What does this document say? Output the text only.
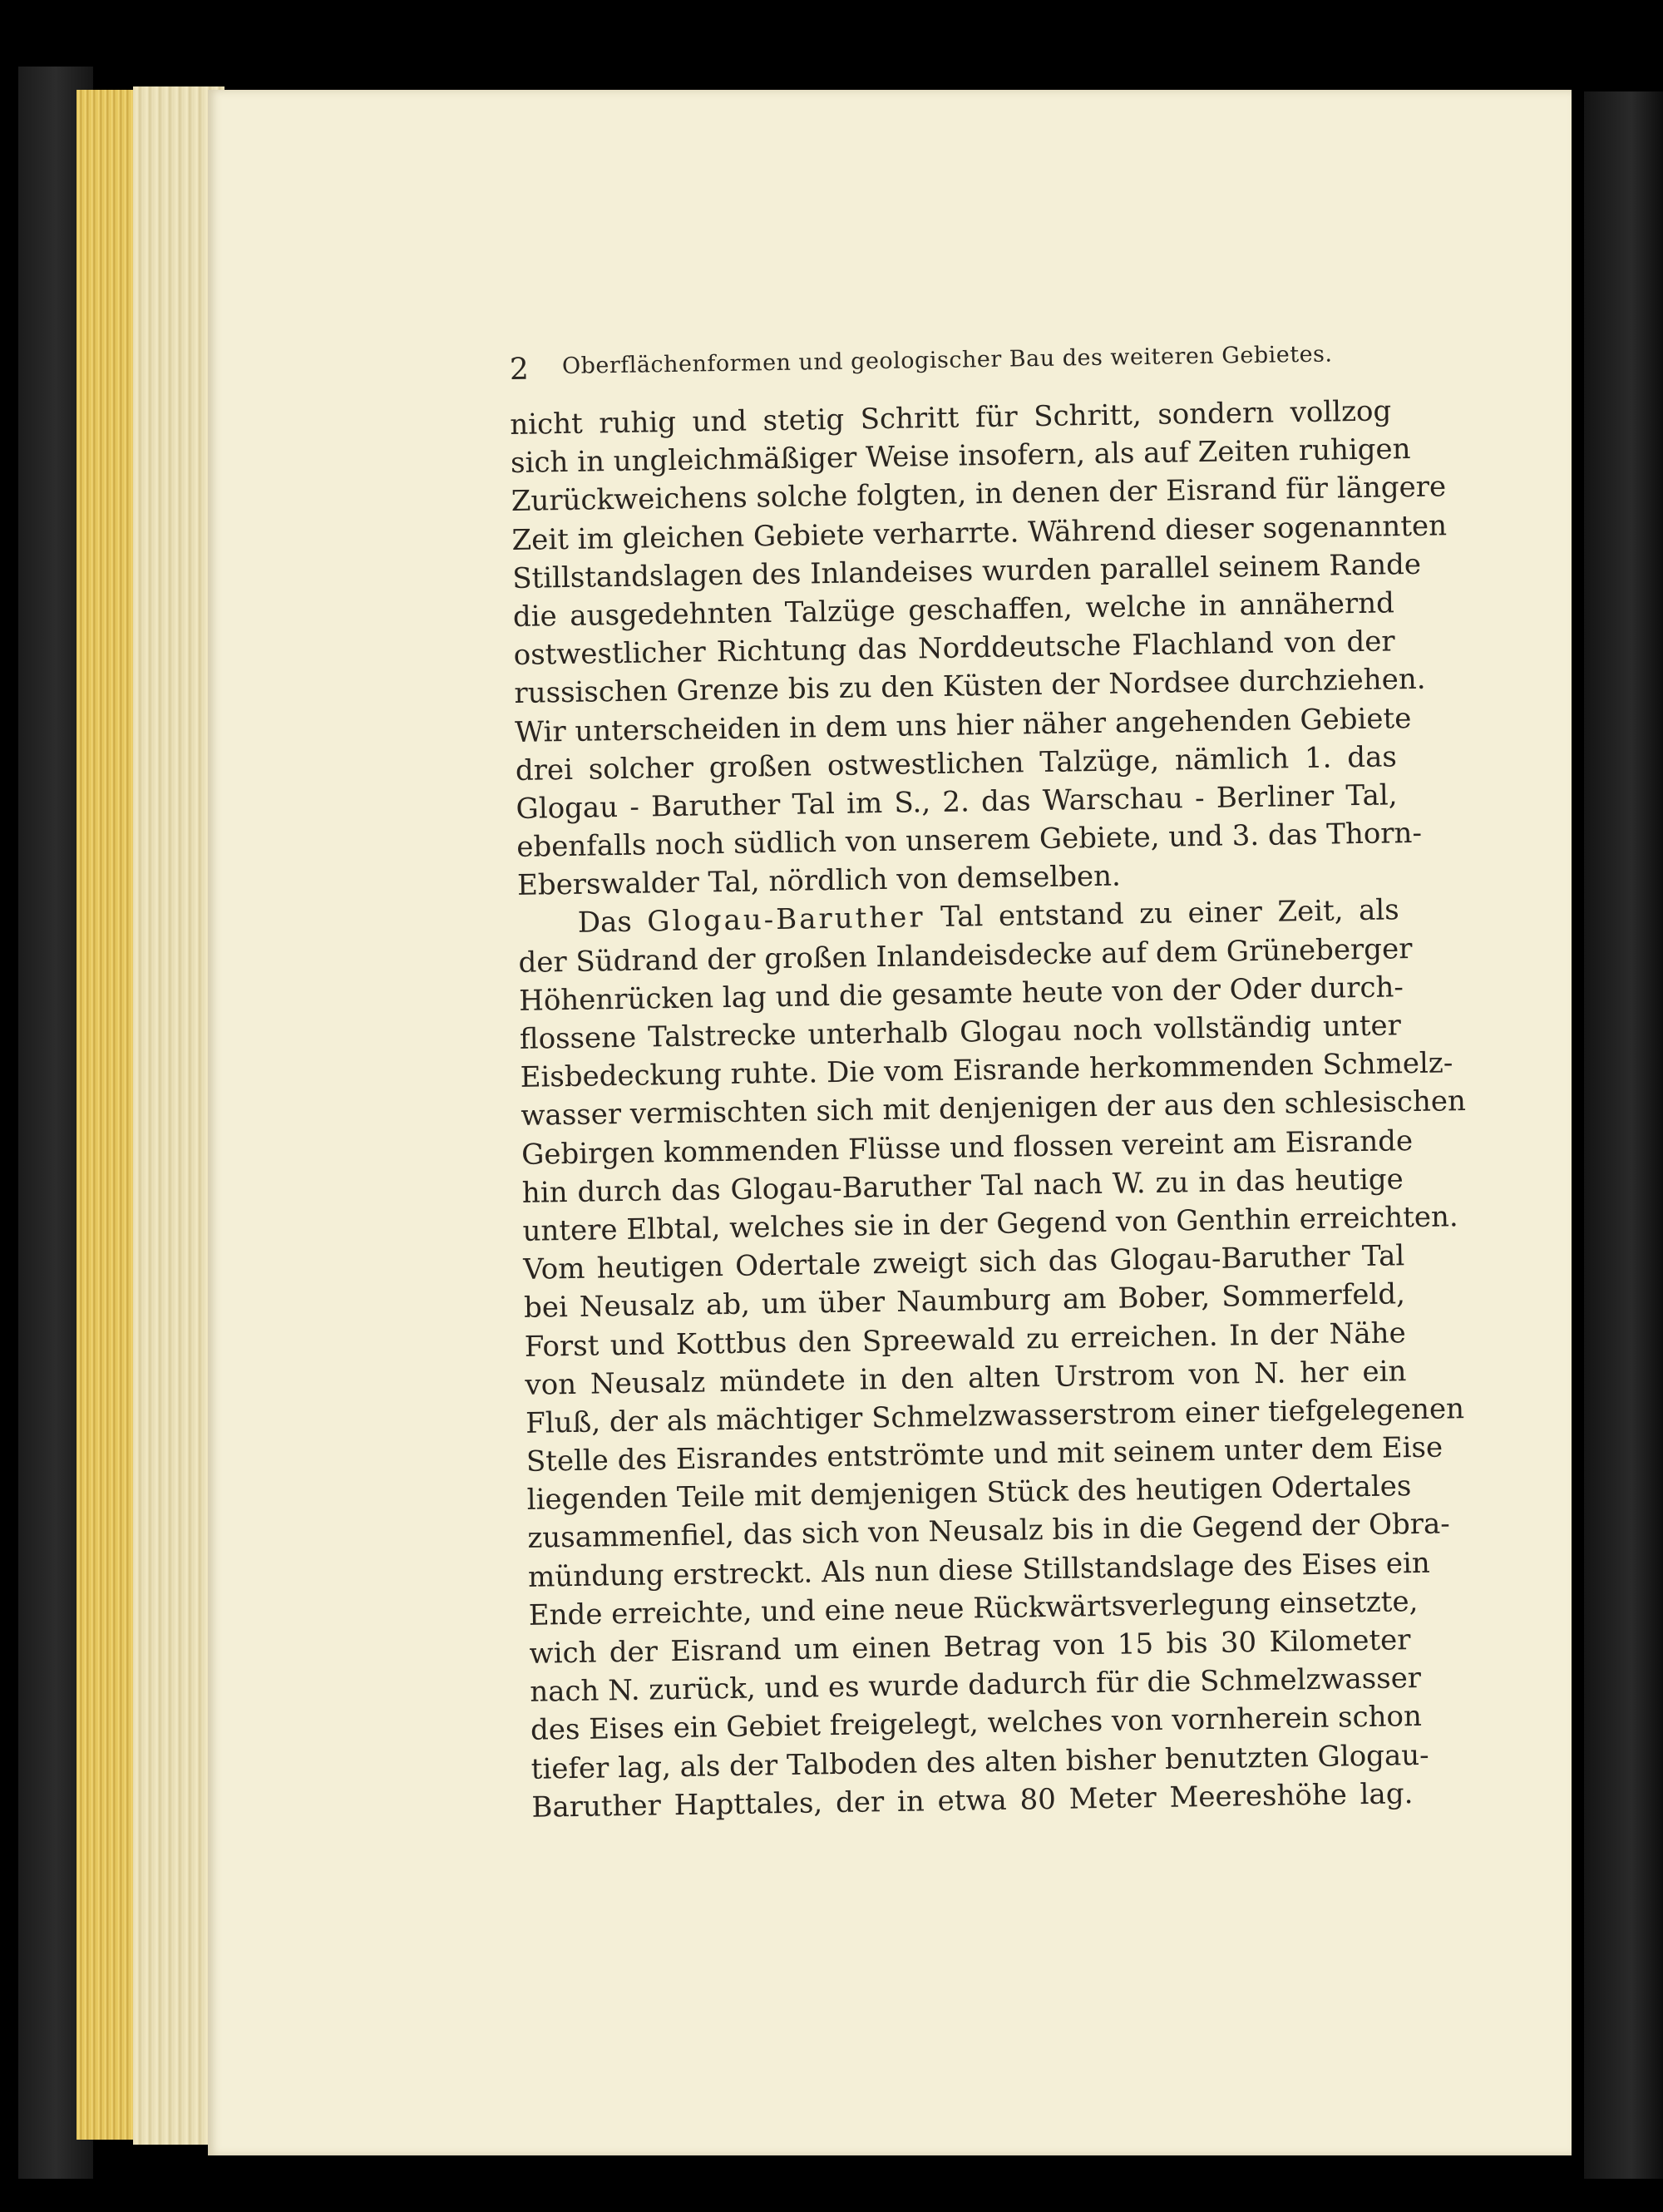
2 Oberflächenformen und geologischer Bau des weiteren Gebietes.
nicht ruhig und stetig Schritt für Schritt, sondern vollzog
sich in ungleichmäßiger Weise insofern, als auf Zeiten ruhigen
Zurückweichens solche folgten, in denen der Eisrand für längere
Zeit im gleichen Gebiete verharrte. Während dieser sogenannten
Stillstandslagen des Inlandeises wurden parallel seinem Rande
die ausgedehnten Talzüge geschaffen, welche in annähernd
ostwestlicher Richtung das Norddeutsche Flachland von der
russischen Grenze bis zu den Küsten der Nordsee durchziehen.
Wir unterscheiden in dem uns hier näher angehenden Gebiete
drei solcher großen ostwestlichen Talzüge, nämlich 1. das
Glogau - Baruther Tal im S., 2. das Warschau - Berliner Tal,
ebenfalls noch südlich von unserem Gebiete, und 3. das Thorn-
Eberswalder Tal, nördlich von demselben.
Das Glogau-Baruther Tal entstand zu einer Zeit, als
der Südrand der großen Inlandeisdecke auf dem Grüneberger
Höhenrücken lag und die gesamte heute von der Oder durch-
flossene Talstrecke unterhalb Glogau noch vollständig unter
Eisbedeckung ruhte. Die vom Eisrande herkommenden Schmelz-
wasser vermischten sich mit denjenigen der aus den schlesischen
Gebirgen kommenden Flüsse und flossen vereint am Eisrande
hin durch das Glogau-Baruther Tal nach W. zu in das heutige
untere Elbtal, welches sie in der Gegend von Genthin erreichten.
Vom heutigen Odertale zweigt sich das Glogau-Baruther Tal
bei Neusalz ab, um über Naumburg am Bober, Sommerfeld,
Forst und Kottbus den Spreewald zu erreichen. In der Nähe
von Neusalz mündete in den alten Urstrom von N. her ein
Fluß, der als mächtiger Schmelzwasserstrom einer tiefgelegenen
Stelle des Eisrandes entströmte und mit seinem unter dem Eise
liegenden Teile mit demjenigen Stück des heutigen Odertales
zusammenfiel, das sich von Neusalz bis in die Gegend der Obra-
mündung erstreckt. Als nun diese Stillstandslage des Eises ein
Ende erreichte, und eine neue Rückwärtsverlegung einsetzte,
wich der Eisrand um einen Betrag von 15 bis 30 Kilometer
nach N. zurück, und es wurde dadurch für die Schmelzwasser
des Eises ein Gebiet freigelegt, welches von vornherein schon
tiefer lag, als der Talboden des alten bisher benutzten Glogau-
Baruther Hapttales, der in etwa 80 Meter Meereshöhe lag.
